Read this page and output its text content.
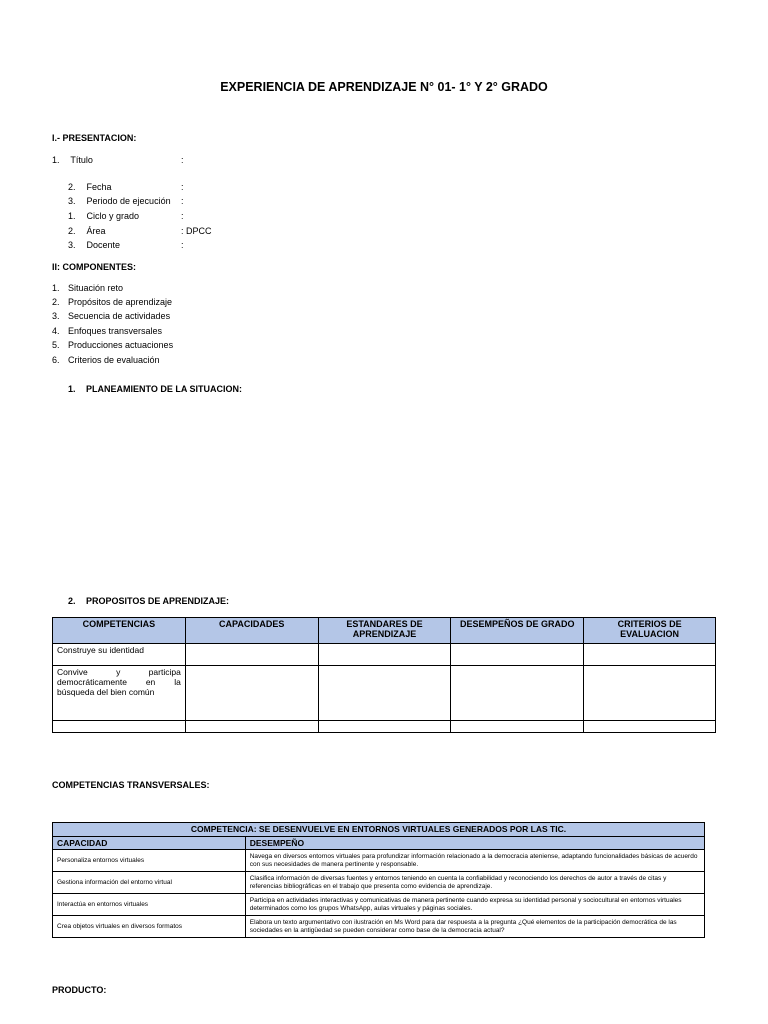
EXPERIENCIA DE APRENDIZAJE N° 01- 1° Y 2° GRADO
I.- PRESENTACION:
1. Título	:
2. Fecha	:
3. Periodo de ejecución :
1. Ciclo y grado	:
2. Área	: DPCC
3. Docente	:
II: COMPONENTES:
1. Situación reto
2. Propósitos de aprendizaje
3. Secuencia de actividades
4. Enfoques transversales
5. Producciones actuaciones
6. Criterios de evaluación
1. PLANEAMIENTO DE LA SITUACION:
2. PROPOSITOS DE APRENDIZAJE:
COMPETENCIAS	CAPACIDADES	ESTANDARES DE APRENDIZAJE	DESEMPEÑOS DE GRADO	CRITERIOS DE EVALUACION
Construye su identidad				
Convive y participa democráticamente en la búsqueda del bien común				

COMPETENCIAS TRANSVERSALES:
COMPETENCIA: SE DESENVUELVE EN ENTORNOS VIRTUALES GENERADOS POR LAS TIC.	
CAPACIDAD	DESEMPEÑO
Personaliza entornos virtuales	Navega en diversos entornos virtuales para profundizar información relacionado a la democracia ateniense, adaptando funcionalidades básicas de acuerdo con sus necesidades de manera pertinente y responsable.
Gestiona información del entorno virtual	Clasifica información de diversas fuentes y entornos teniendo en cuenta la confiabilidad y reconociendo los derechos de autor a través de citas y referencias bibliográficas en el trabajo que presenta como evidencia de aprendizaje.
Interactúa en entornos virtuales	Participa en actividades interactivas y comunicativas de manera pertinente cuando expresa su identidad personal y sociocultural en entornos virtuales determinados como los grupos WhatsApp, aulas virtuales y páginas sociales.
Crea objetos virtuales en diversos formatos	Elabora un texto argumentativo con ilustración en Ms Word para dar respuesta a la pregunta ¿Qué elementos de la participación democrática de las sociedades en la antigüedad se pueden considerar como base de la democracia actual?
PRODUCTO:
